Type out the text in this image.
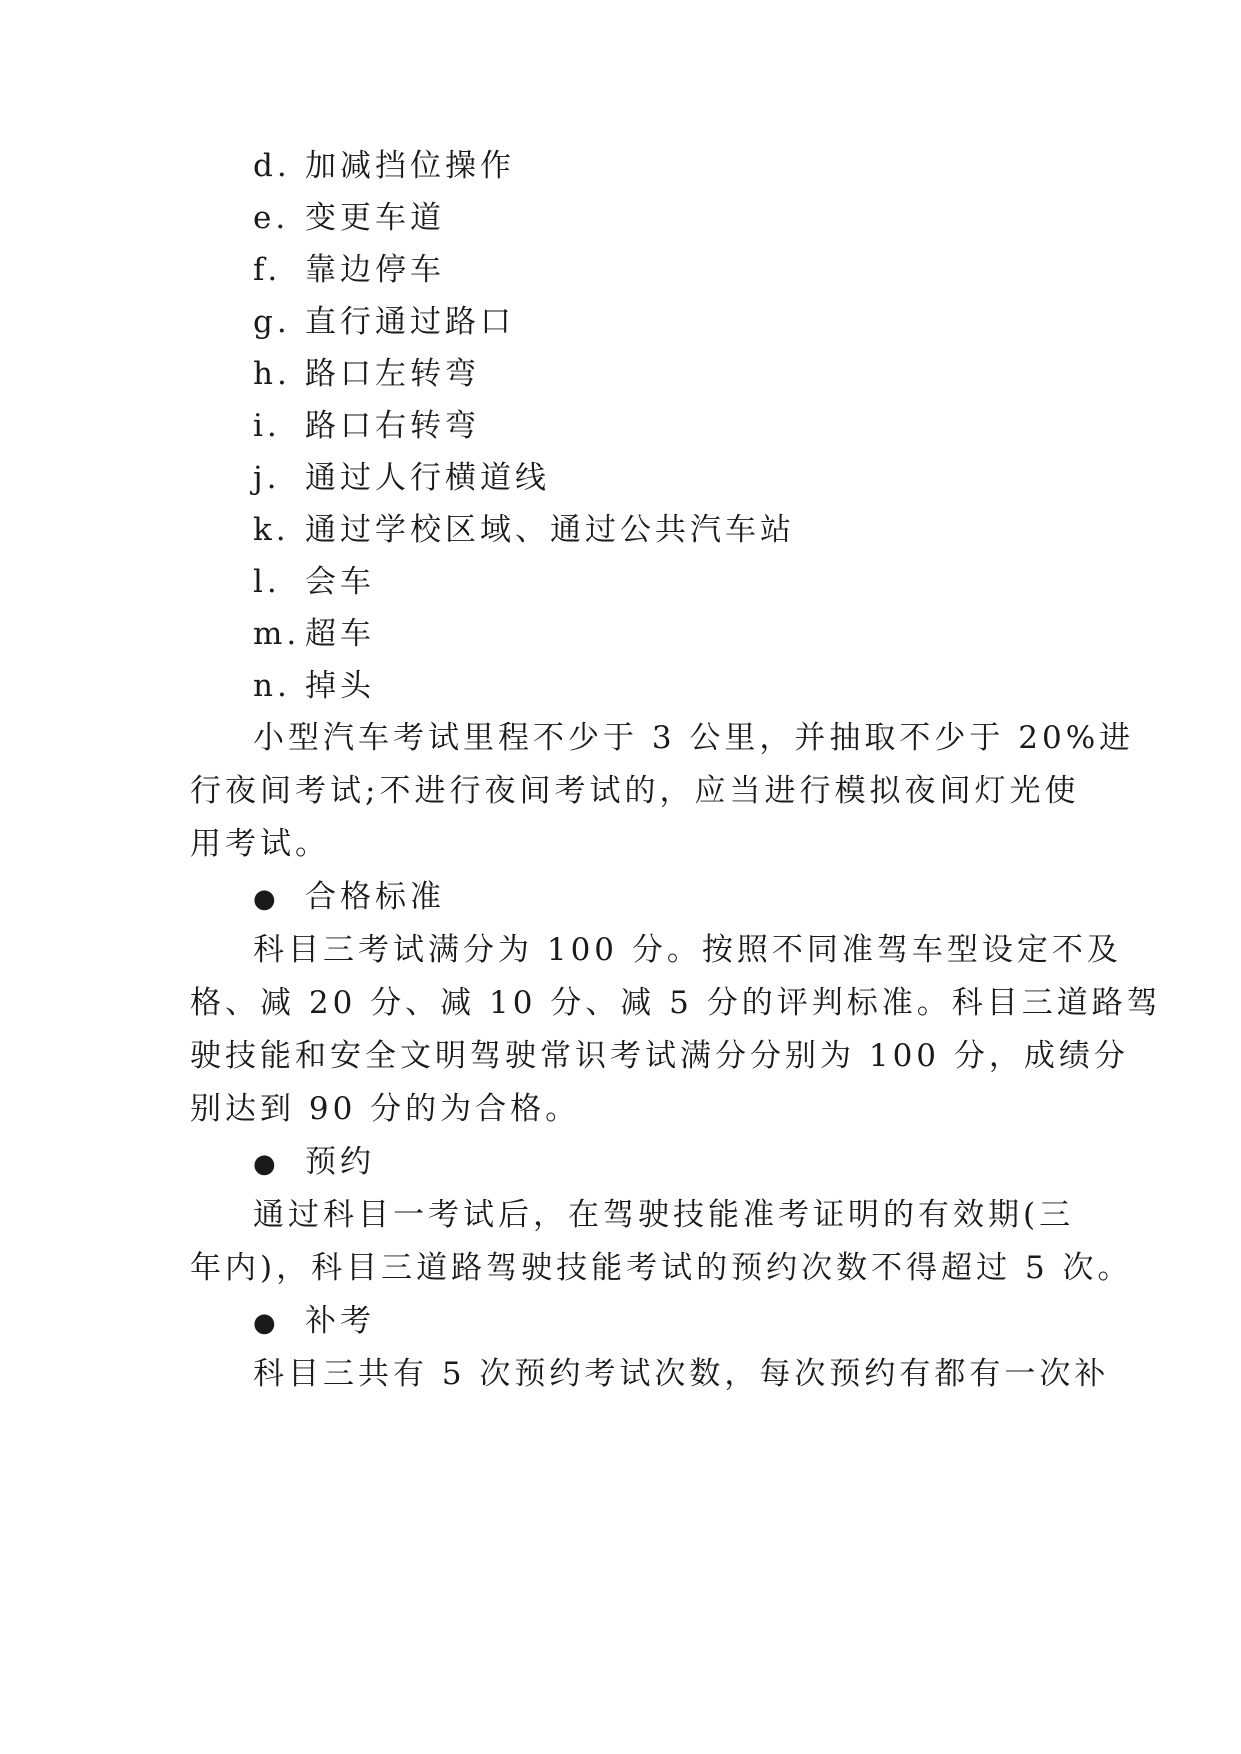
d. 加减挡位操作
e. 变更车道
f. 靠边停车
g. 直行通过路口
h. 路口左转弯
i. 路口右转弯
j. 通过人行横道线
k. 通过学校区域、通过公共汽车站
l. 会车
m. 超车
n. 掉头
小型汽车考试里程不少于 3 公里，并抽取不少于 20%进
行夜间考试;不进行夜间考试的，应当进行模拟夜间灯光使
用考试。
● 合格标准
科目三考试满分为 100 分。按照不同准驾车型设定不及
格、减 20 分、减 10 分、减 5 分的评判标准。科目三道路驾
驶技能和安全文明驾驶常识考试满分分别为 100 分，成绩分
别达到 90 分的为合格。
● 预约
通过科目一考试后，在驾驶技能准考证明的有效期(三
年内)，科目三道路驾驶技能考试的预约次数不得超过 5 次。
● 补考
科目三共有 5 次预约考试次数，每次预约有都有一次补
